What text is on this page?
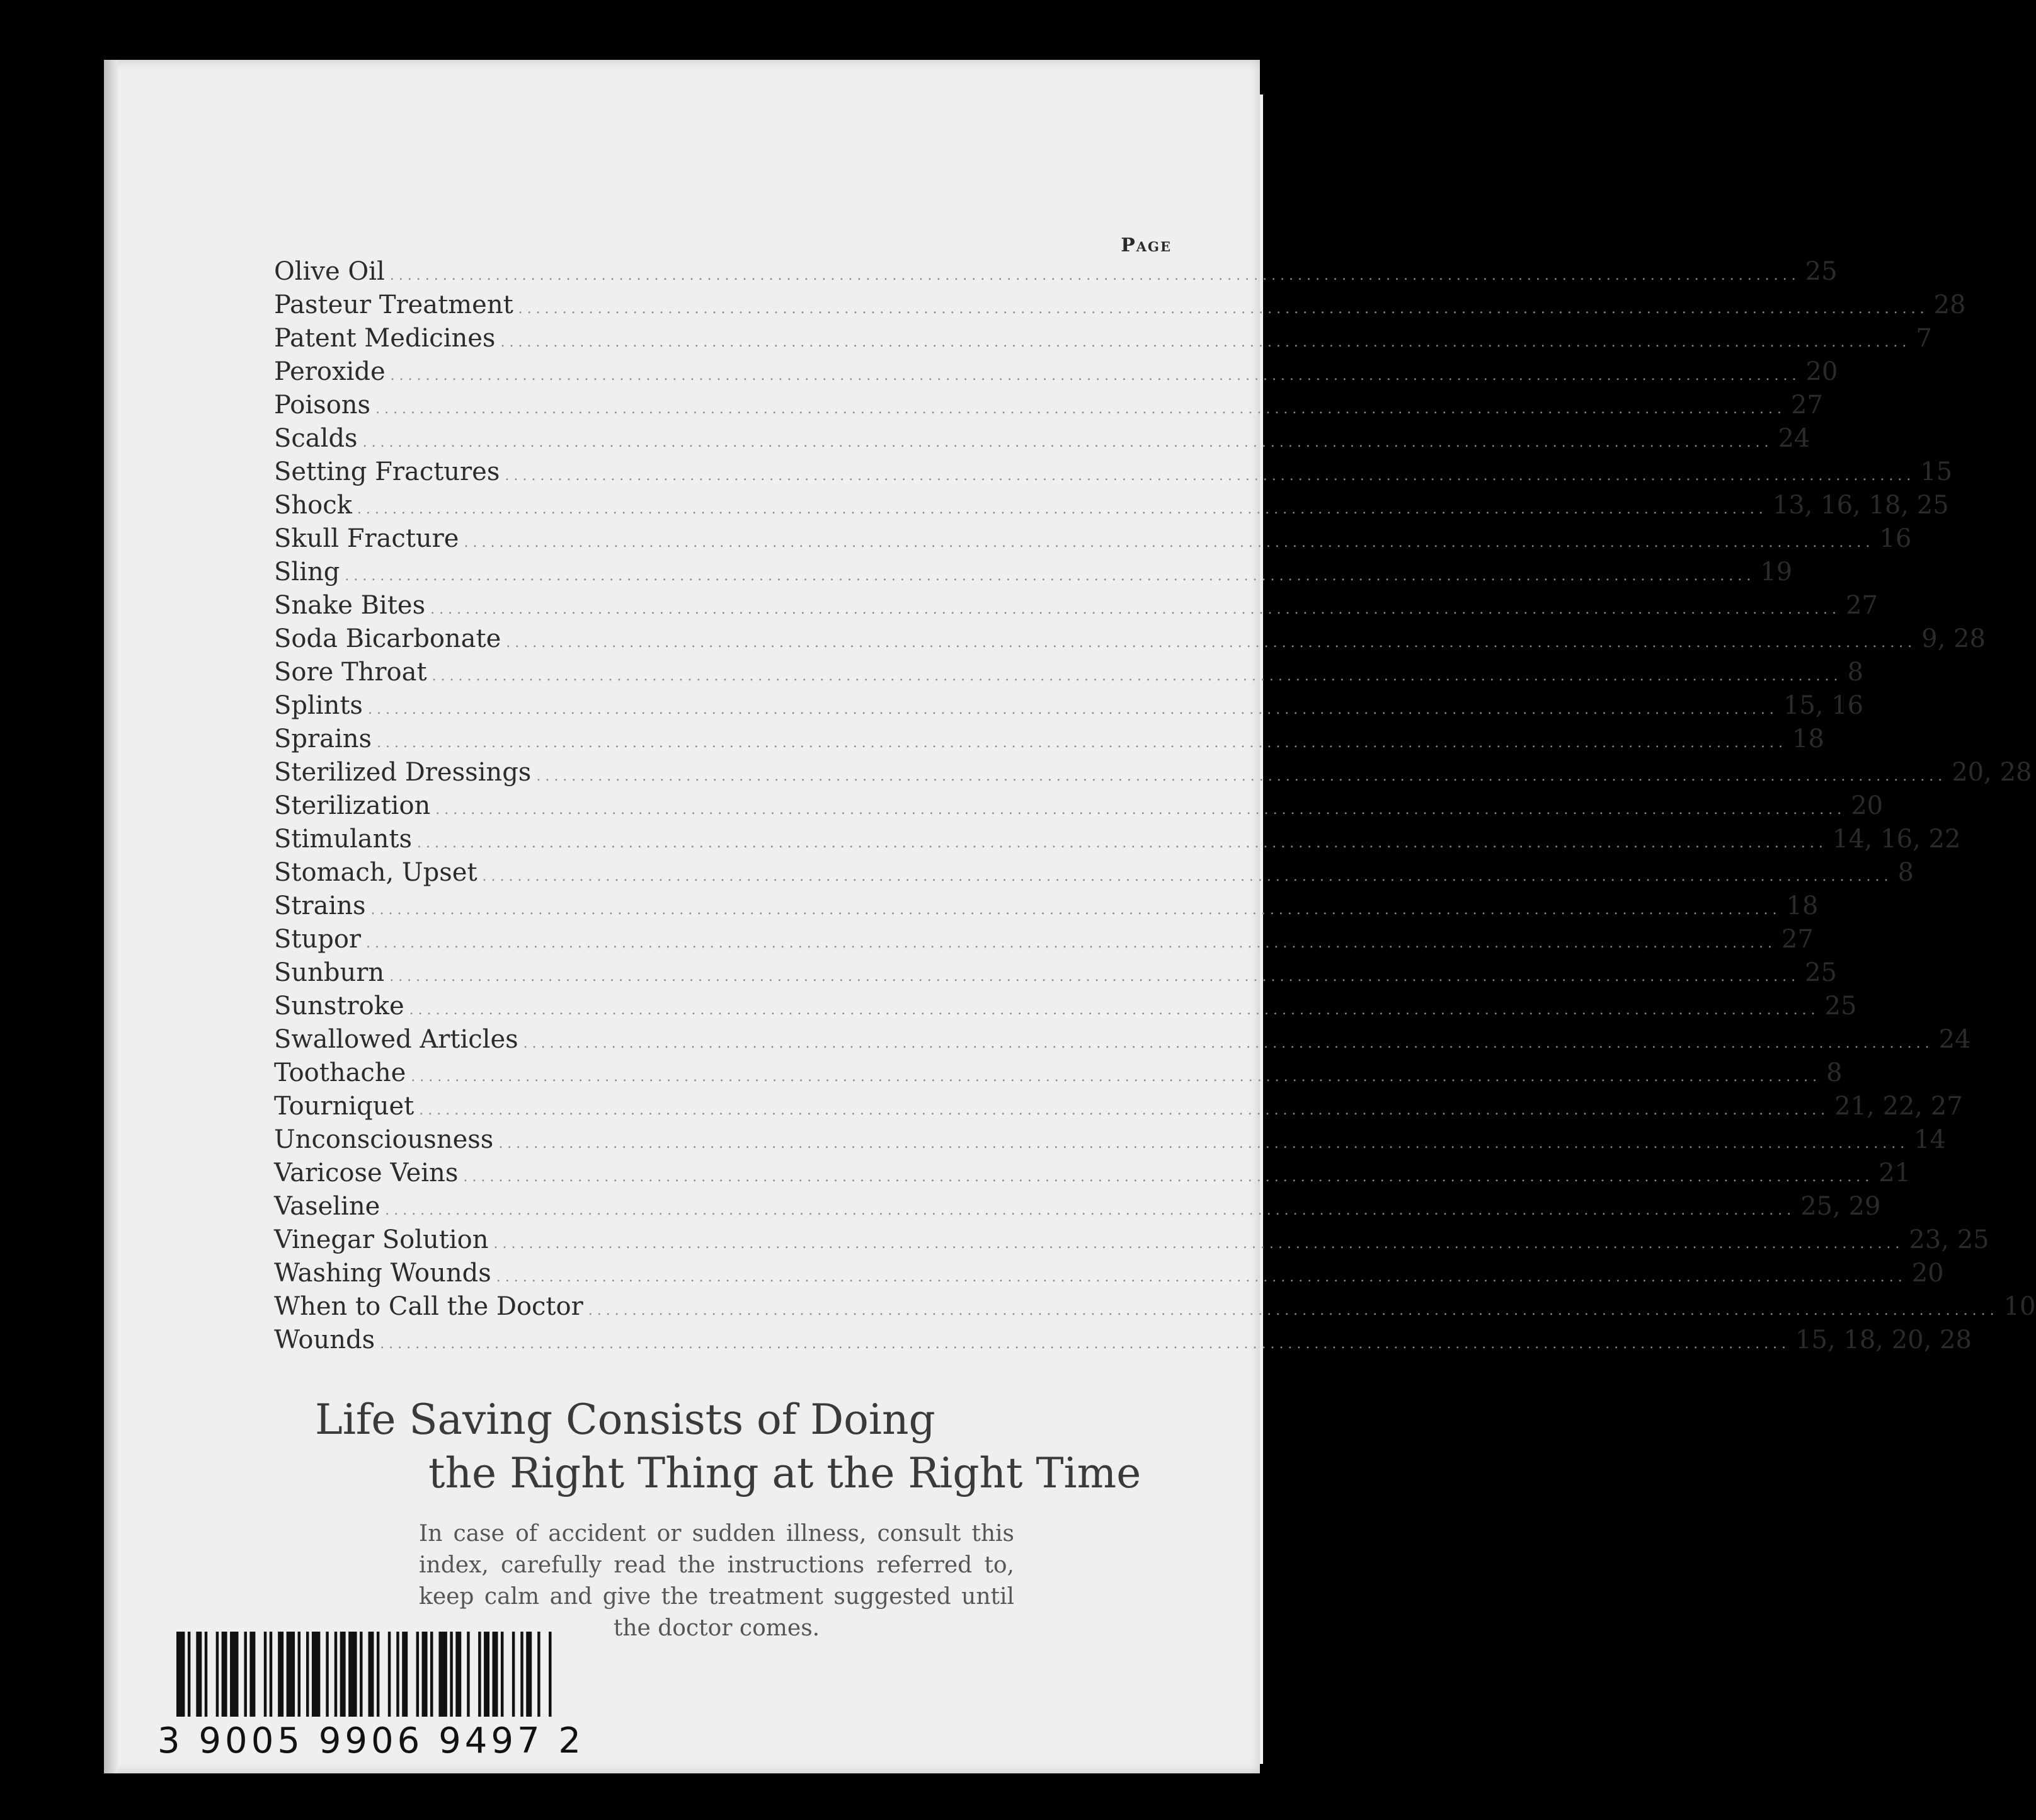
Page
Olive Oil ................................................................................................................................................................ 25
Pasteur Treatment ................................................................................................................................................................ 28
Patent Medicines ................................................................................................................................................................ 7
Peroxide ................................................................................................................................................................ 20
Poisons ................................................................................................................................................................ 27
Scalds ................................................................................................................................................................ 24
Setting Fractures ................................................................................................................................................................ 15
Shock ................................................................................................................................................................ 13, 16, 18, 25
Skull Fracture ................................................................................................................................................................ 16
Sling ................................................................................................................................................................ 19
Snake Bites ................................................................................................................................................................ 27
Soda Bicarbonate ................................................................................................................................................................ 9, 28
Sore Throat ................................................................................................................................................................ 8
Splints ................................................................................................................................................................ 15, 16
Sprains ................................................................................................................................................................ 18
Sterilized Dressings ................................................................................................................................................................ 20, 28
Sterilization ................................................................................................................................................................ 20
Stimulants ................................................................................................................................................................ 14, 16, 22
Stomach, Upset ................................................................................................................................................................ 8
Strains ................................................................................................................................................................ 18
Stupor ................................................................................................................................................................ 27
Sunburn ................................................................................................................................................................ 25
Sunstroke ................................................................................................................................................................ 25
Swallowed Articles ................................................................................................................................................................ 24
Toothache ................................................................................................................................................................ 8
Tourniquet ................................................................................................................................................................ 21, 22, 27
Unconsciousness ................................................................................................................................................................ 14
Varicose Veins ................................................................................................................................................................ 21
Vaseline ................................................................................................................................................................ 25, 29
Vinegar Solution ................................................................................................................................................................ 23, 25
Washing Wounds ................................................................................................................................................................ 20
When to Call the Doctor ................................................................................................................................................................ 10
Wounds ................................................................................................................................................................ 15, 18, 20, 28
Life Saving Consists of Doing
the Right Thing at the Right Time
In case of accident or sudden illness, consult this index, carefully read the instructions referred to, keep calm and give the treatment suggested until the doctor comes.
3 9005 9906 9497 2
